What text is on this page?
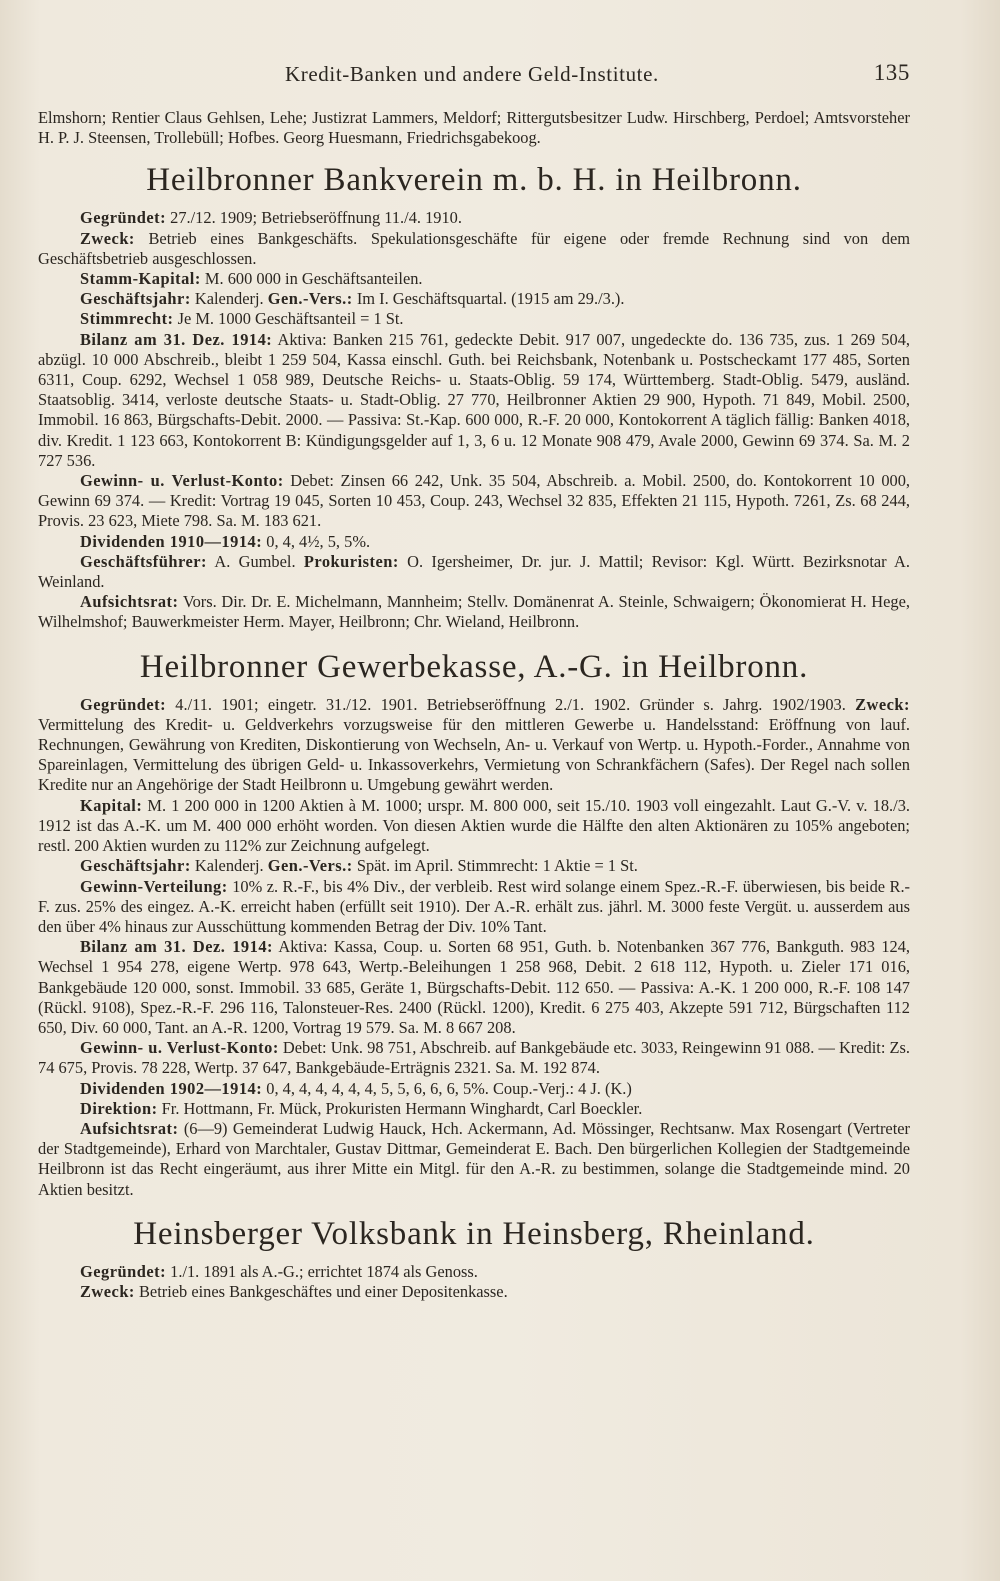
Kredit-Banken und andere Geld-Institute.	135

Elmshorn; Rentier Claus Gehlsen, Lehe; Justizrat Lammers, Meldorf; Rittergutsbesitzer Ludw. Hirschberg, Perdoel; Amtsvorsteher H. P. J. Steensen, Trollebüll; Hofbes. Georg Huesmann, Friedrichsgabekoog.

Heilbronner Bankverein m. b. H. in Heilbronn.

Gegründet: 27./12. 1909; Betriebseröffnung 11./4. 1910.

Zweck: Betrieb eines Bankgeschäfts. Spekulationsgeschäfte für eigene oder fremde Rechnung sind von dem Geschäftsbetrieb ausgeschlossen.

Stamm-Kapital: M. 600 000 in Geschäftsanteilen.

Geschäftsjahr: Kalenderj. Gen.-Vers.: Im I. Geschäftsquartal. (1915 am 29./3.).

Stimmrecht: Je M. 1000 Geschäftsanteil = 1 St.

Bilanz am 31. Dez. 1914: Aktiva: Banken 215 761, gedeckte Debit. 917 007, ungedeckte do. 136 735, zus. 1 269 504, abzügl. 10 000 Abschreib., bleibt 1 259 504, Kassa einschl. Guth. bei Reichsbank, Notenbank u. Postscheckamt 177 485, Sorten 6311, Coup. 6292, Wechsel 1 058 989, Deutsche Reichs- u. Staats-Oblig. 59 174, Württemberg. Stadt-Oblig. 5479, ausländ. Staatsoblig. 3414, verloste deutsche Staats- u. Stadt-Oblig. 27 770, Heilbronner Aktien 29 900, Hypoth. 71 849, Mobil. 2500, Immobil. 16 863, Bürgschafts-Debit. 2000. — Passiva: St.-Kap. 600 000, R.-F. 20 000, Kontokorrent A täglich fällig: Banken 4018, div. Kredit. 1 123 663, Kontokorrent B: Kündigungsgelder auf 1, 3, 6 u. 12 Monate 908 479, Avale 2000, Gewinn 69 374. Sa. M. 2 727 536.

Gewinn- u. Verlust-Konto: Debet: Zinsen 66 242, Unk. 35 504, Abschreib. a. Mobil. 2500, do. Kontokorrent 10 000, Gewinn 69 374. — Kredit: Vortrag 19 045, Sorten 10 453, Coup. 243, Wechsel 32 835, Effekten 21 115, Hypoth. 7261, Zs. 68 244, Provis. 23 623, Miete 798. Sa. M. 183 621.

Dividenden 1910—1914: 0, 4, 4½, 5, 5%.

Geschäftsführer: A. Gumbel. Prokuristen: O. Igersheimer, Dr. jur. J. Mattil; Revisor: Kgl. Württ. Bezirksnotar A. Weinland.

Aufsichtsrat: Vors. Dir. Dr. E. Michelmann, Mannheim; Stellv. Domänenrat A. Steinle, Schwaigern; Ökonomierat H. Hege, Wilhelmshof; Bauwerkmeister Herm. Mayer, Heilbronn; Chr. Wieland, Heilbronn.

Heilbronner Gewerbekasse, A.-G. in Heilbronn.

Gegründet: 4./11. 1901; eingetr. 31./12. 1901. Betriebseröffnung 2./1. 1902. Gründer s. Jahrg. 1902/1903. Zweck: Vermittelung des Kredit- u. Geldverkehrs vorzugsweise für den mittleren Gewerbe u. Handelsstand: Eröffnung von lauf. Rechnungen, Gewährung von Krediten, Diskontierung von Wechseln, An- u. Verkauf von Wertp. u. Hypoth.-Forder., Annahme von Spareinlagen, Vermittelung des übrigen Geld- u. Inkassoverkehrs, Vermietung von Schrankfächern (Safes). Der Regel nach sollen Kredite nur an Angehörige der Stadt Heilbronn u. Umgebung gewährt werden.

Kapital: M. 1 200 000 in 1200 Aktien à M. 1000; urspr. M. 800 000, seit 15./10. 1903 voll eingezahlt. Laut G.-V. v. 18./3. 1912 ist das A.-K. um M. 400 000 erhöht worden. Von diesen Aktien wurde die Hälfte den alten Aktionären zu 105% angeboten; restl. 200 Aktien wurden zu 112% zur Zeichnung aufgelegt.

Geschäftsjahr: Kalenderj. Gen.-Vers.: Spät. im April. Stimmrecht: 1 Aktie = 1 St.

Gewinn-Verteilung: 10% z. R.-F., bis 4% Div., der verbleib. Rest wird solange einem Spez.-R.-F. überwiesen, bis beide R.-F. zus. 25% des eingez. A.-K. erreicht haben (erfüllt seit 1910). Der A.-R. erhält zus. jährl. M. 3000 feste Vergüt. u. ausserdem aus den über 4% hinaus zur Ausschüttung kommenden Betrag der Div. 10% Tant.

Bilanz am 31. Dez. 1914: Aktiva: Kassa, Coup. u. Sorten 68 951, Guth. b. Notenbanken 367 776, Bankguth. 983 124, Wechsel 1 954 278, eigene Wertp. 978 643, Wertp.-Beleihungen 1 258 968, Debit. 2 618 112, Hypoth. u. Zieler 171 016, Bankgebäude 120 000, sonst. Immobil. 33 685, Geräte 1, Bürgschafts-Debit. 112 650. — Passiva: A.-K. 1 200 000, R.-F. 108 147 (Rückl. 9108), Spez.-R.-F. 296 116, Talonsteuer-Res. 2400 (Rückl. 1200), Kredit. 6 275 403, Akzepte 591 712, Bürgschaften 112 650, Div. 60 000, Tant. an A.-R. 1200, Vortrag 19 579. Sa. M. 8 667 208.

Gewinn- u. Verlust-Konto: Debet: Unk. 98 751, Abschreib. auf Bankgebäude etc. 3033, Reingewinn 91 088. — Kredit: Zs. 74 675, Provis. 78 228, Wertp. 37 647, Bankgebäude-Erträgnis 2321. Sa. M. 192 874.

Dividenden 1902—1914: 0, 4, 4, 4, 4, 4, 4, 5, 5, 6, 6, 6, 5%. Coup.-Verj.: 4 J. (K.)

Direktion: Fr. Hottmann, Fr. Mück, Prokuristen Hermann Winghardt, Carl Boeckler.

Aufsichtsrat: (6—9) Gemeinderat Ludwig Hauck, Hch. Ackermann, Ad. Mössinger, Rechtsanw. Max Rosengart (Vertreter der Stadtgemeinde), Erhard von Marchtaler, Gustav Dittmar, Gemeinderat E. Bach. Den bürgerlichen Kollegien der Stadtgemeinde Heilbronn ist das Recht eingeräumt, aus ihrer Mitte ein Mitgl. für den A.-R. zu bestimmen, solange die Stadtgemeinde mind. 20 Aktien besitzt.

Heinsberger Volksbank in Heinsberg, Rheinland.

Gegründet: 1./1. 1891 als A.-G.; errichtet 1874 als Genoss.

Zweck: Betrieb eines Bankgeschäftes und einer Depositenkasse.
